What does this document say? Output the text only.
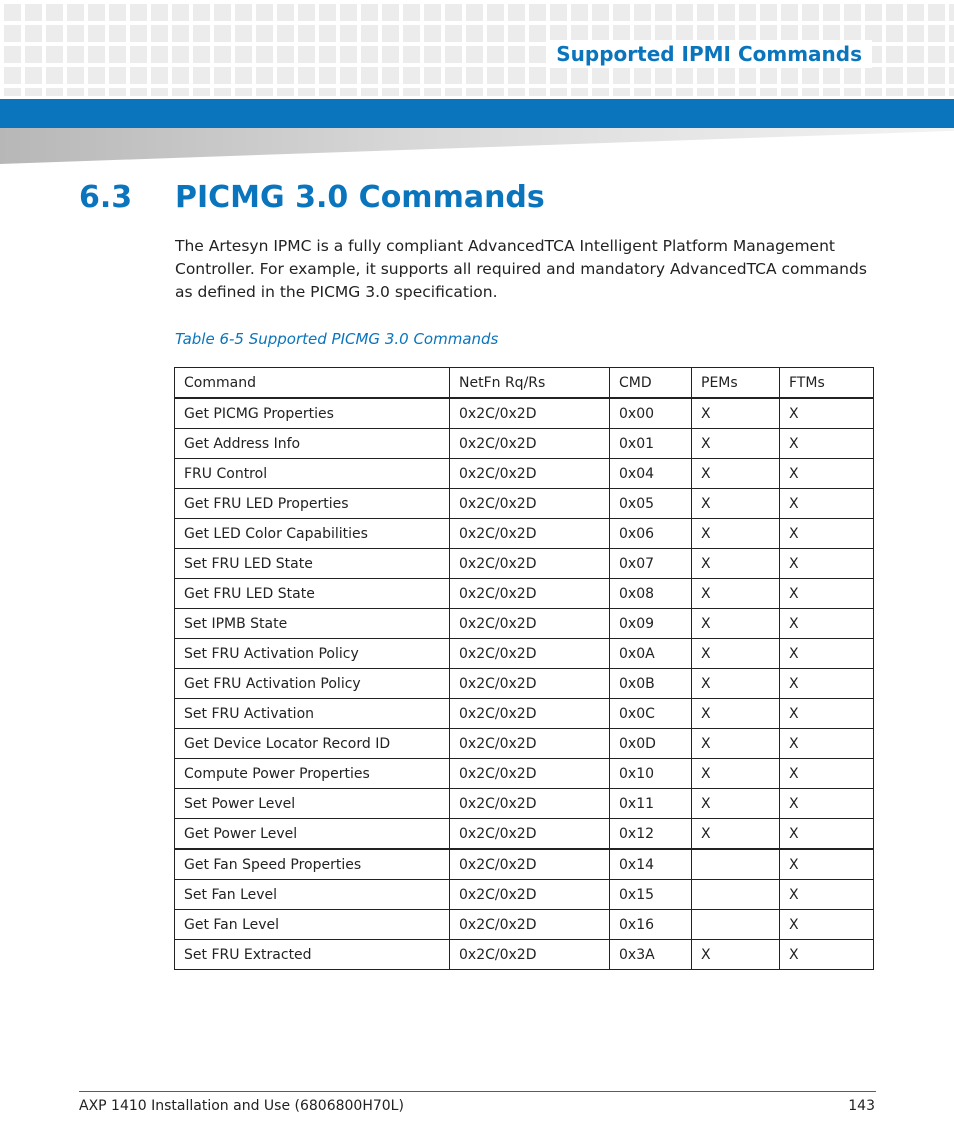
Supported IPMI Commands
6.3 PICMG 3.0 Commands

The Artesyn IPMC is a fully compliant AdvancedTCA Intelligent Platform Management Controller. For example, it supports all required and mandatory AdvancedTCA commands as defined in the PICMG 3.0 specification.

Table 6-5 Supported PICMG 3.0 Commands
Command	NetFn Rq/Rs	CMD	PEMs	FTMs
Get PICMG Properties	0x2C/0x2D	0x00	X	X
Get Address Info	0x2C/0x2D	0x01	X	X
FRU Control	0x2C/0x2D	0x04	X	X
Get FRU LED Properties	0x2C/0x2D	0x05	X	X
Get LED Color Capabilities	0x2C/0x2D	0x06	X	X
Set FRU LED State	0x2C/0x2D	0x07	X	X
Get FRU LED State	0x2C/0x2D	0x08	X	X
Set IPMB State	0x2C/0x2D	0x09	X	X
Set FRU Activation Policy	0x2C/0x2D	0x0A	X	X
Get FRU Activation Policy	0x2C/0x2D	0x0B	X	X
Set FRU Activation	0x2C/0x2D	0x0C	X	X
Get Device Locator Record ID	0x2C/0x2D	0x0D	X	X
Compute Power Properties	0x2C/0x2D	0x10	X	X
Set Power Level	0x2C/0x2D	0x11	X	X
Get Power Level	0x2C/0x2D	0x12	X	X
Get Fan Speed Properties	0x2C/0x2D	0x14		X
Set Fan Level	0x2C/0x2D	0x15		X
Get Fan Level	0x2C/0x2D	0x16		X
Set FRU Extracted	0x2C/0x2D	0x3A	X	X
AXP 1410 Installation and Use (6806800H70L)	143
